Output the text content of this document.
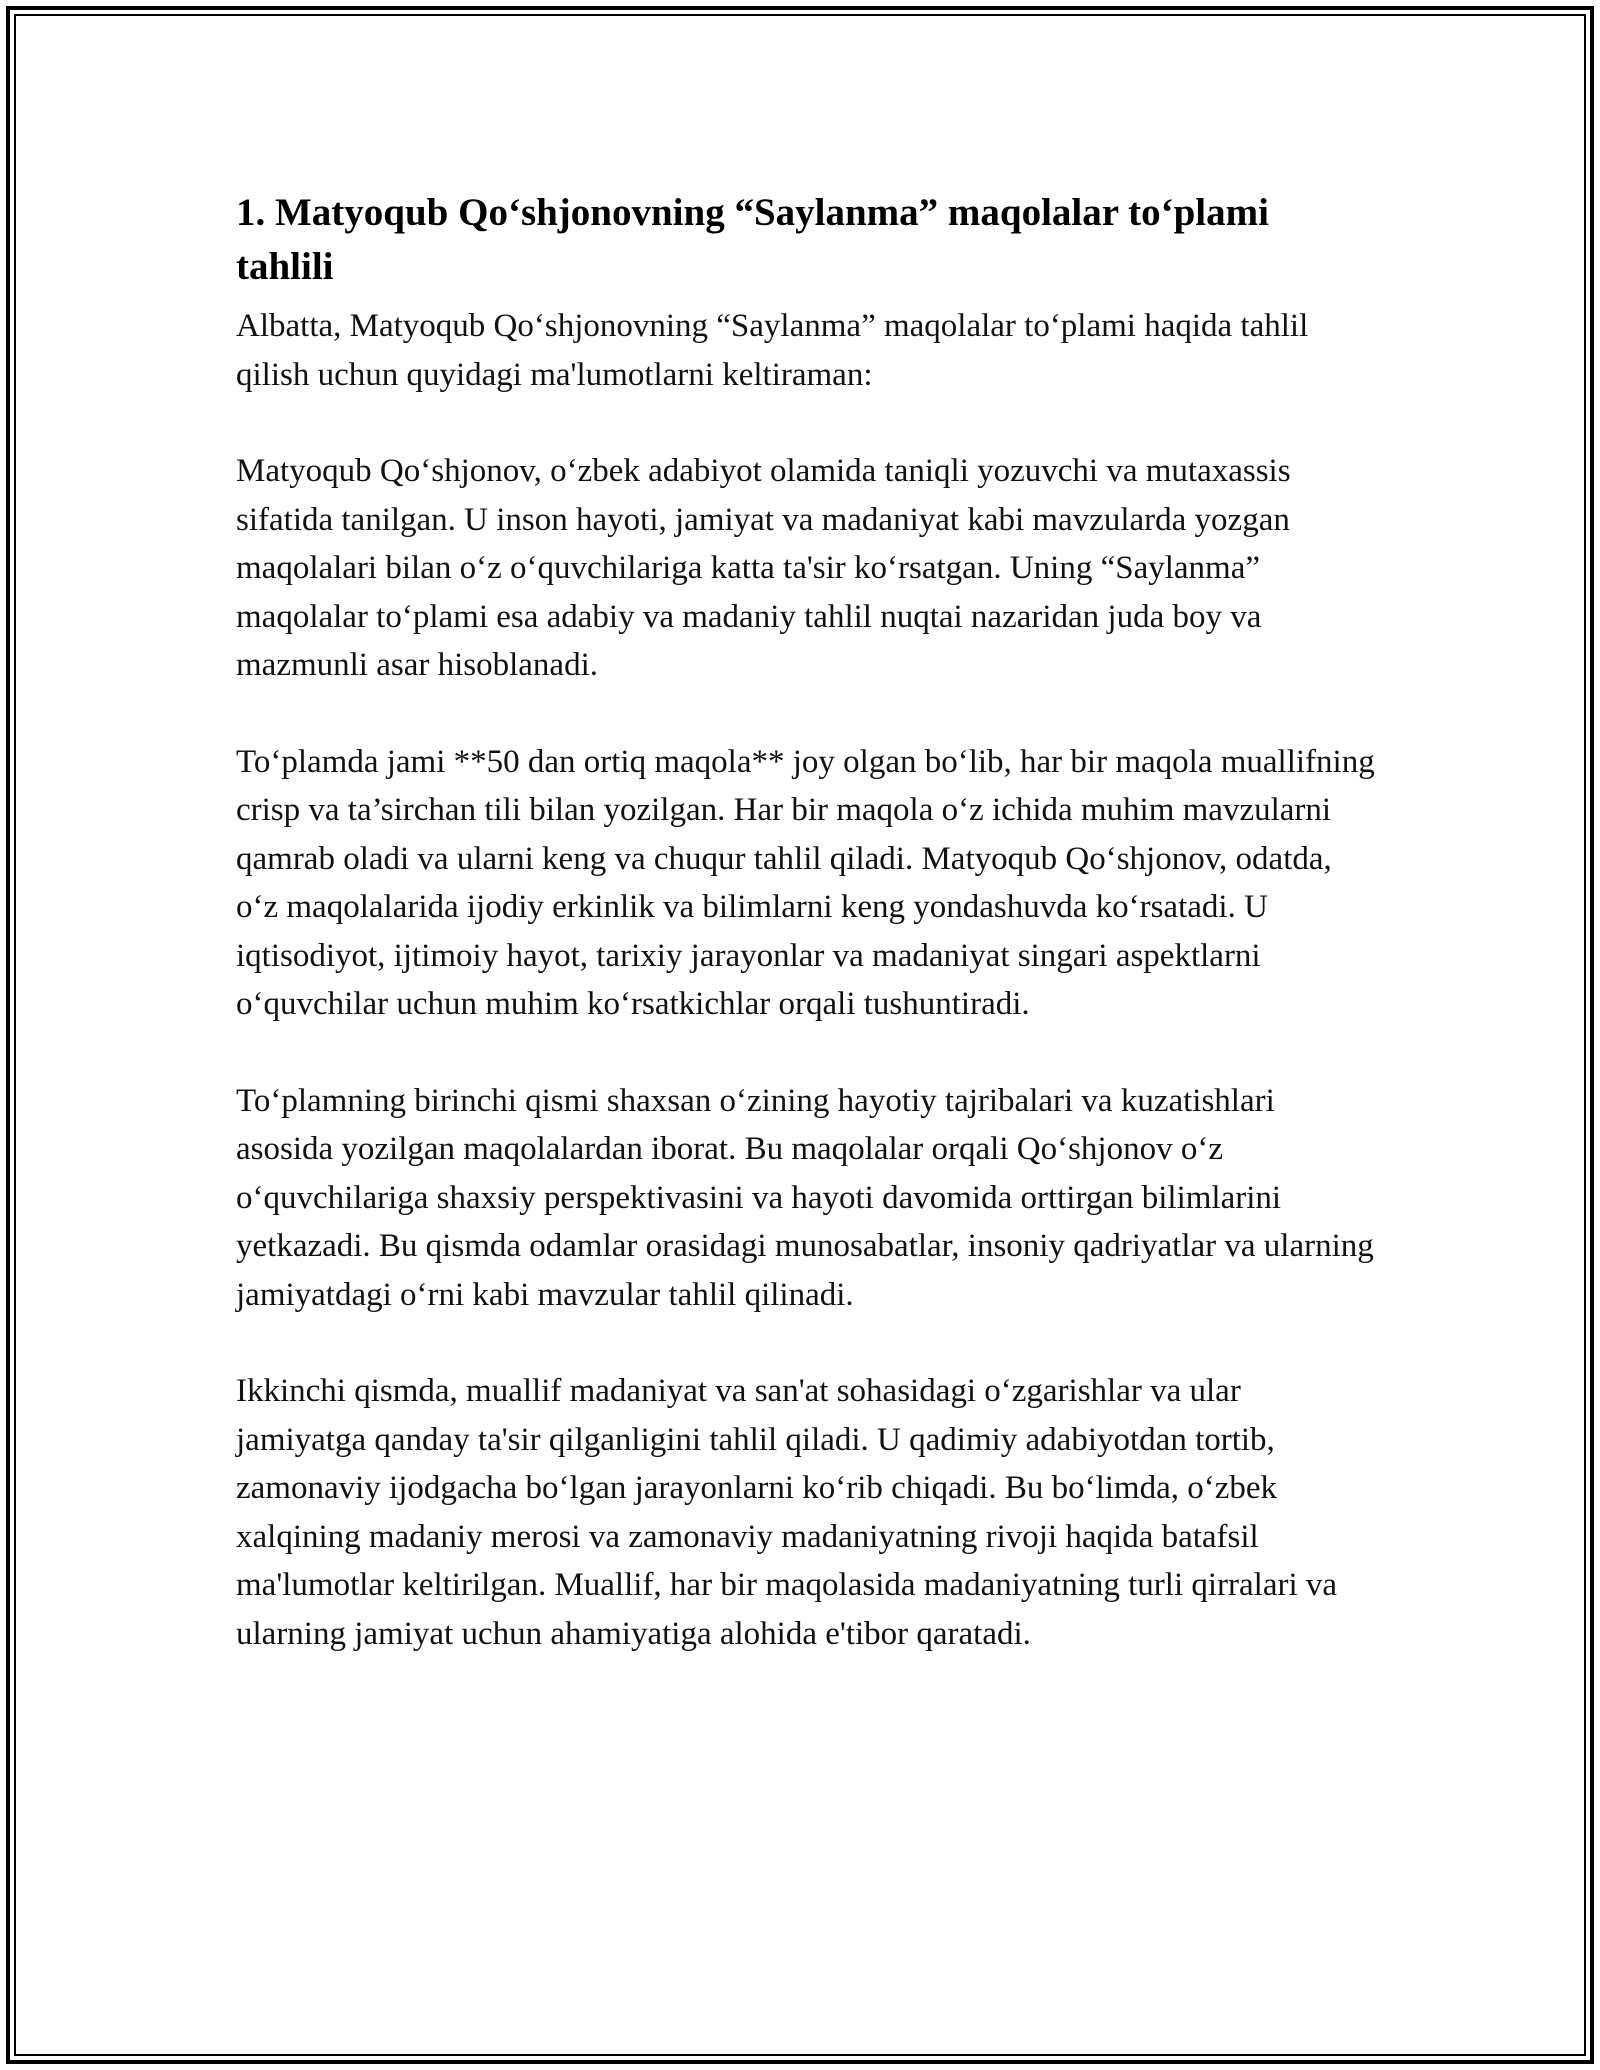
1. Matyoqub Qo‘shjonovning “Saylanma” maqolalar to‘plami tahlili

Albatta, Matyoqub Qo‘shjonovning “Saylanma” maqolalar to‘plami haqida tahlil qilish uchun quyidagi ma'lumotlarni keltiraman:

Matyoqub Qo‘shjonov, o‘zbek adabiyot olamida taniqli yozuvchi va mutaxassis sifatida tanilgan. U inson hayoti, jamiyat va madaniyat kabi mavzularda yozgan maqolalari bilan o‘z o‘quvchilariga katta ta'sir ko‘rsatgan. Uning “Saylanma” maqolalar to‘plami esa adabiy va madaniy tahlil nuqtai nazaridan juda boy va mazmunli asar hisoblanadi.

To‘plamda jami **50 dan ortiq maqola** joy olgan bo‘lib, har bir maqola muallifning crisp va ta’sirchan tili bilan yozilgan. Har bir maqola o‘z ichida muhim mavzularni qamrab oladi va ularni keng va chuqur tahlil qiladi. Matyoqub Qo‘shjonov, odatda, o‘z maqolalarida ijodiy erkinlik va bilimlarni keng yondashuvda ko‘rsatadi. U iqtisodiyot, ijtimoiy hayot, tarixiy jarayonlar va madaniyat singari aspektlarni o‘quvchilar uchun muhim ko‘rsatkichlar orqali tushuntiradi.

To‘plamning birinchi qismi shaxsan o‘zining hayotiy tajribalari va kuzatishlari asosida yozilgan maqolalardan iborat. Bu maqolalar orqali Qo‘shjonov o‘z o‘quvchilariga shaxsiy perspektivasini va hayoti davomida orttirgan bilimlarini yetkazadi. Bu qismda odamlar orasidagi munosabatlar, insoniy qadriyatlar va ularning jamiyatdagi o‘rni kabi mavzular tahlil qilinadi.

Ikkinchi qismda, muallif madaniyat va san'at sohasidagi o‘zgarishlar va ular jamiyatga qanday ta'sir qilganligini tahlil qiladi. U qadimiy adabiyotdan tortib, zamonaviy ijodgacha bo‘lgan jarayonlarni ko‘rib chiqadi. Bu bo‘limda, o‘zbek xalqining madaniy merosi va zamonaviy madaniyatning rivoji haqida batafsil ma'lumotlar keltirilgan. Muallif, har bir maqolasida madaniyatning turli qirralari va ularning jamiyat uchun ahamiyatiga alohida e'tibor qaratadi.
